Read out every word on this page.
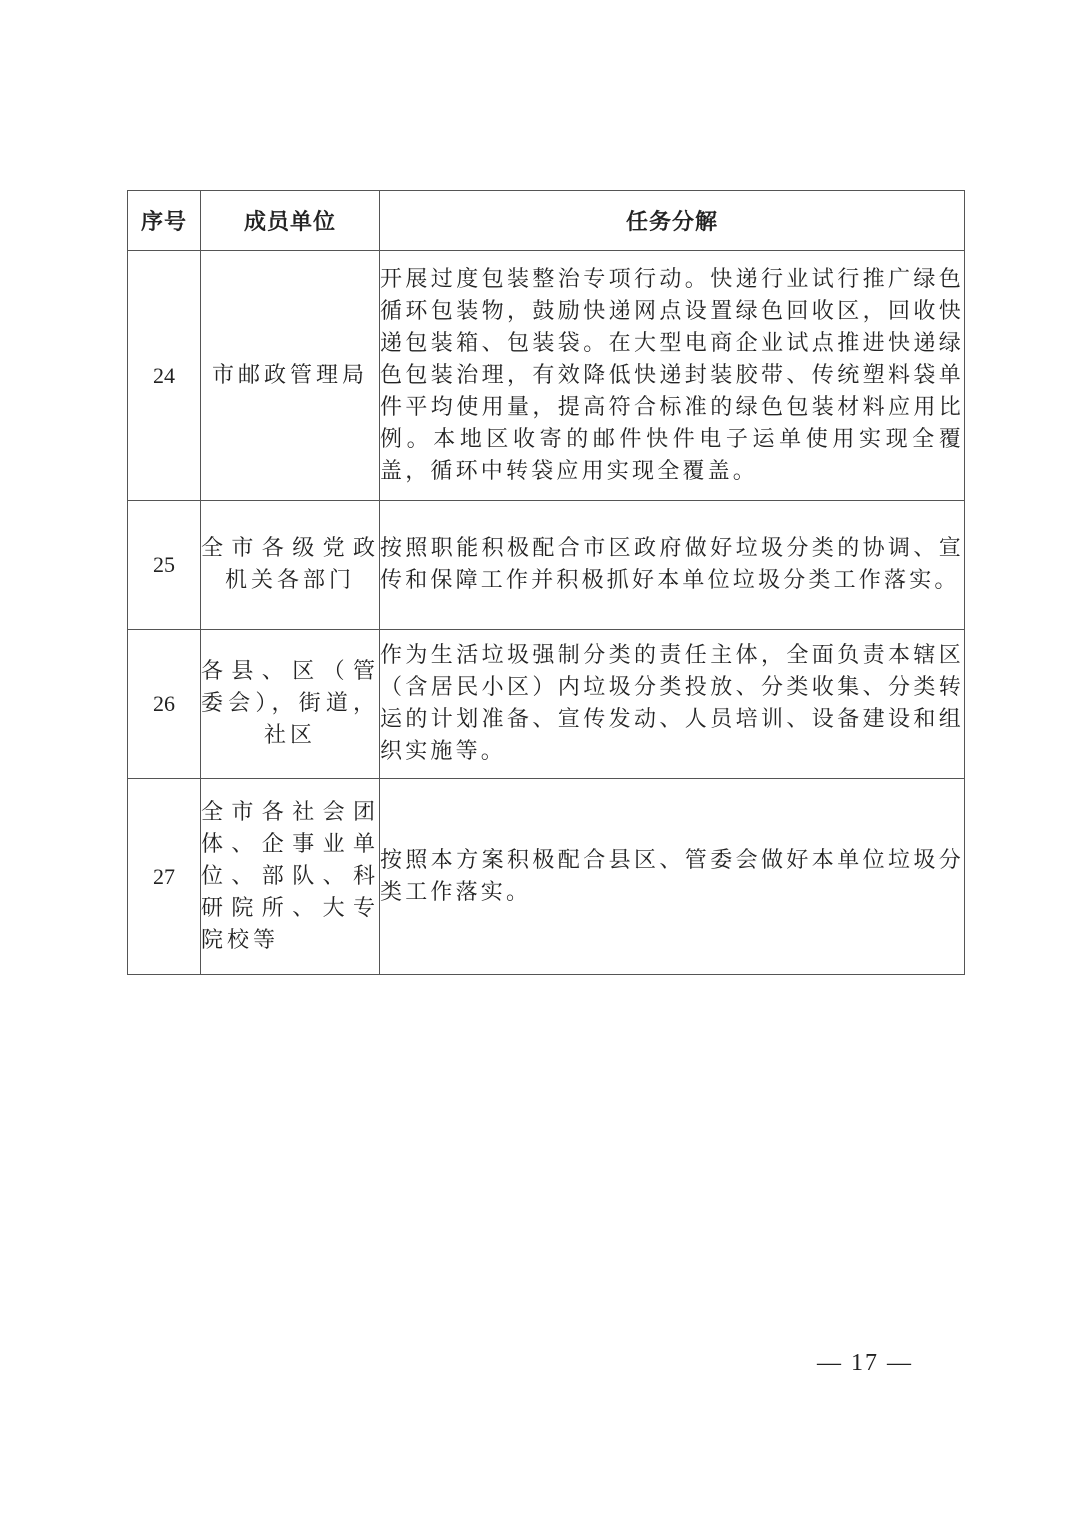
序号	成员单位	任务分解
24	市邮政管理局	开展过度包装整治专项行动。快递行业试行推广绿色循环包装物，鼓励快递网点设置绿色回收区，回收快递包装箱、包装袋。在大型电商企业试点推进快递绿色包装治理，有效降低快递封装胶带、传统塑料袋单件平均使用量，提高符合标准的绿色包装材料应用比例。本地区收寄的邮件快件电子运单使用实现全覆盖，循环中转袋应用实现全覆盖。
25	全市各级党政机关各部门	按照职能积极配合市区政府做好垃圾分类的协调、宣传和保障工作并积极抓好本单位垃圾分类工作落实。
26	各县、区（管委会），街道，社区	作为生活垃圾强制分类的责任主体，全面负责本辖区（含居民小区）内垃圾分类投放、分类收集、分类转运的计划准备、宣传发动、人员培训、设备建设和组织实施等。
27	全市各社会团体、企事业单位、部队、科研院所、大专院校等	按照本方案积极配合县区、管委会做好本单位垃圾分类工作落实。
— 17 —
